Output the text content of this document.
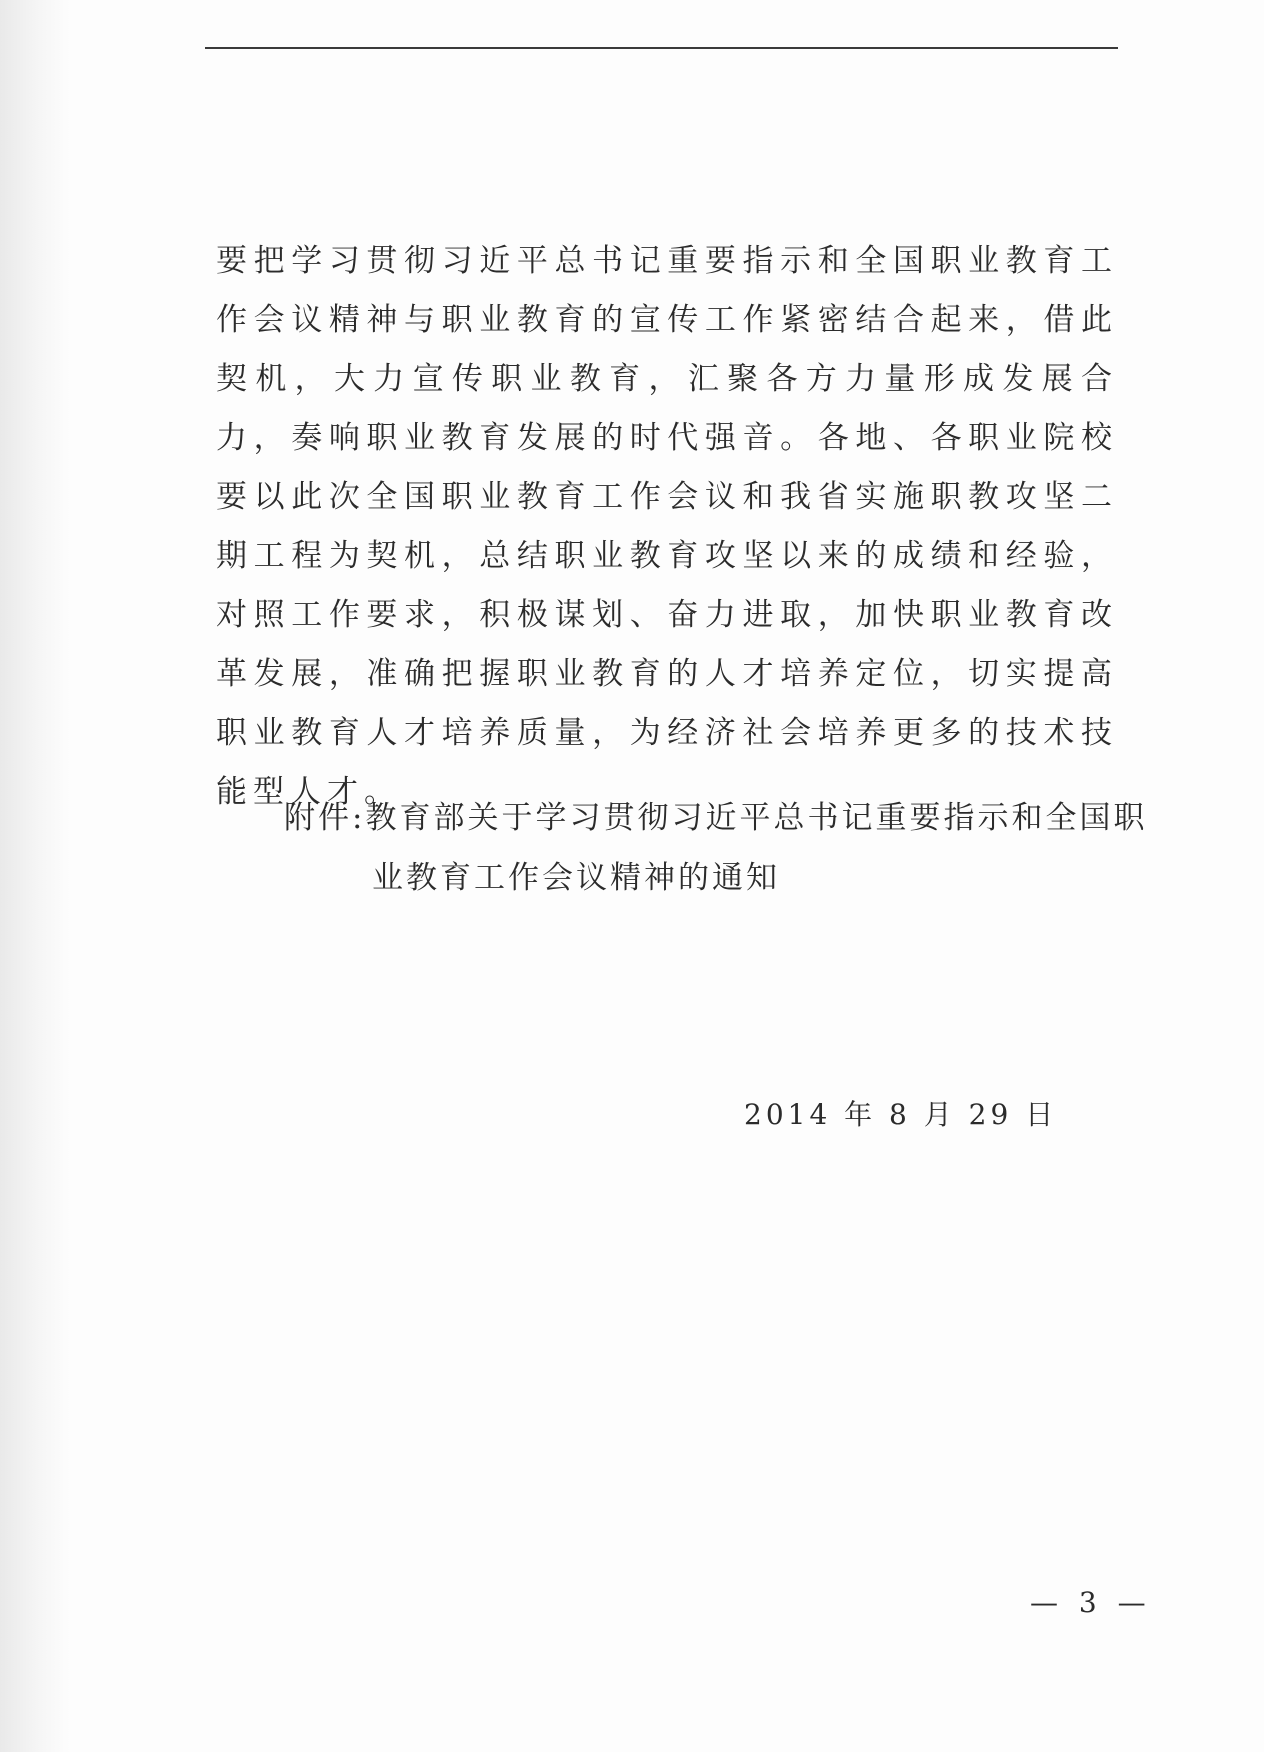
要把学习贯彻习近平总书记重要指示和全国职业教育工作会议精神与职业教育的宣传工作紧密结合起来，借此契机，大力宣传职业教育，汇聚各方力量形成发展合力，奏响职业教育发展的时代强音。各地、各职业院校要以此次全国职业教育工作会议和我省实施职教攻坚二期工程为契机，总结职业教育攻坚以来的成绩和经验，对照工作要求，积极谋划、奋力进取，加快职业教育改革发展，准确把握职业教育的人才培养定位，切实提高职业教育人才培养质量，为经济社会培养更多的技术技能型人才。

附件: 教育部关于学习贯彻习近平总书记重要指示和全国职
业教育工作会议精神的通知
2014 年 8 月 29 日
— 3 —
